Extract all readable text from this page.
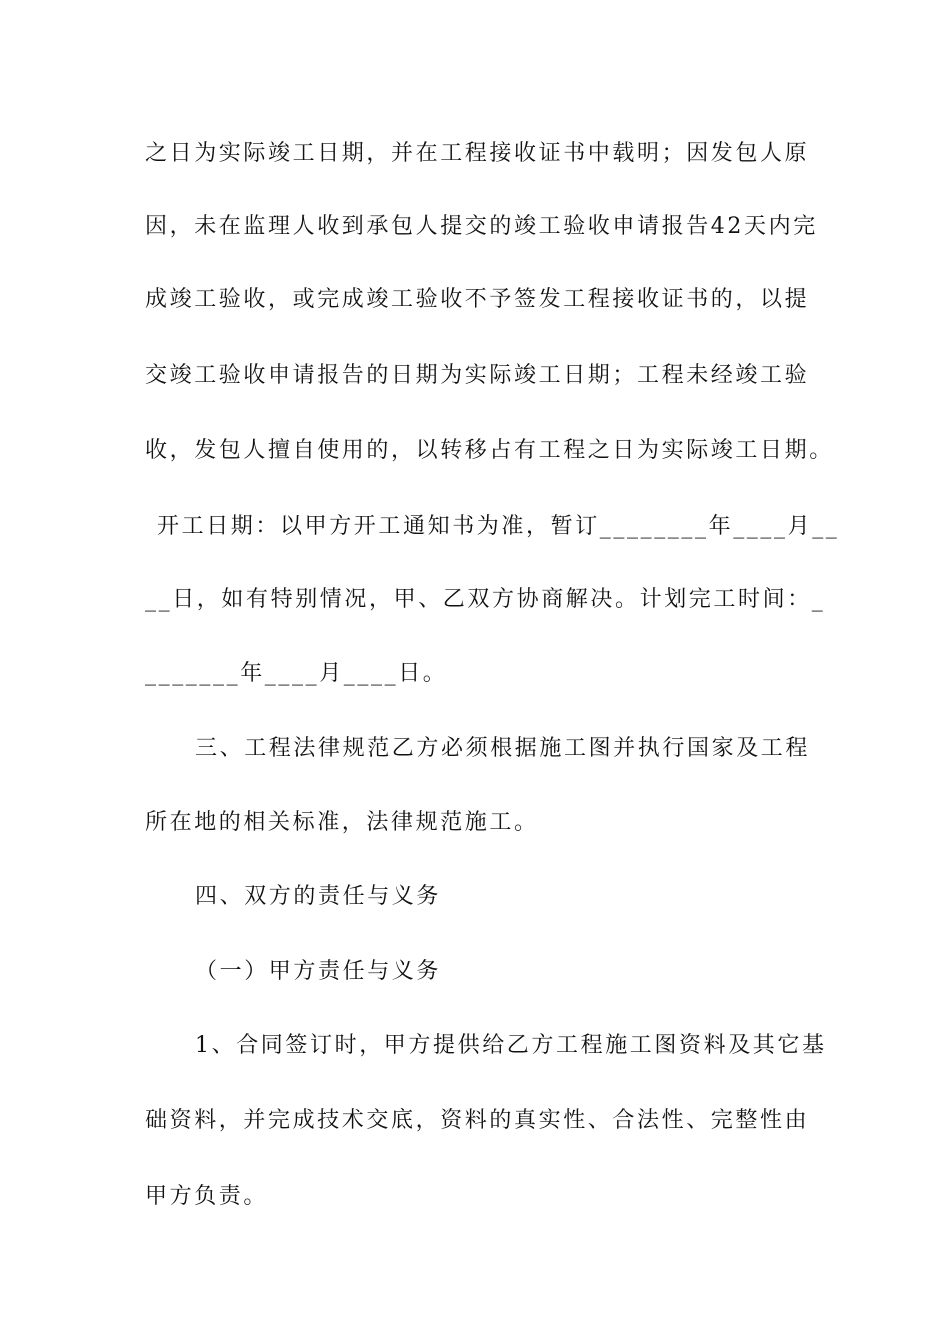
之日为实际竣工日期，并在工程接收证书中载明；因发包人原
因，未在监理人收到承包人提交的竣工验收申请报告42天内完
成竣工验收，或完成竣工验收不予签发工程接收证书的，以提
交竣工验收申请报告的日期为实际竣工日期；工程未经竣工验
收，发包人擅自使用的，以转移占有工程之日为实际竣工日期。
开工日期：以甲方开工通知书为准，暂订________年____月__
__日，如有特别情况，甲、乙双方协商解决。计划完工时间：_
_______年____月____日。
三、工程法律规范乙方必须根据施工图并执行国家及工程
所在地的相关标准，法律规范施工。
四、双方的责任与义务
（一）甲方责任与义务
1、合同签订时，甲方提供给乙方工程施工图资料及其它基
础资料，并完成技术交底，资料的真实性、合法性、完整性由
甲方负责。
